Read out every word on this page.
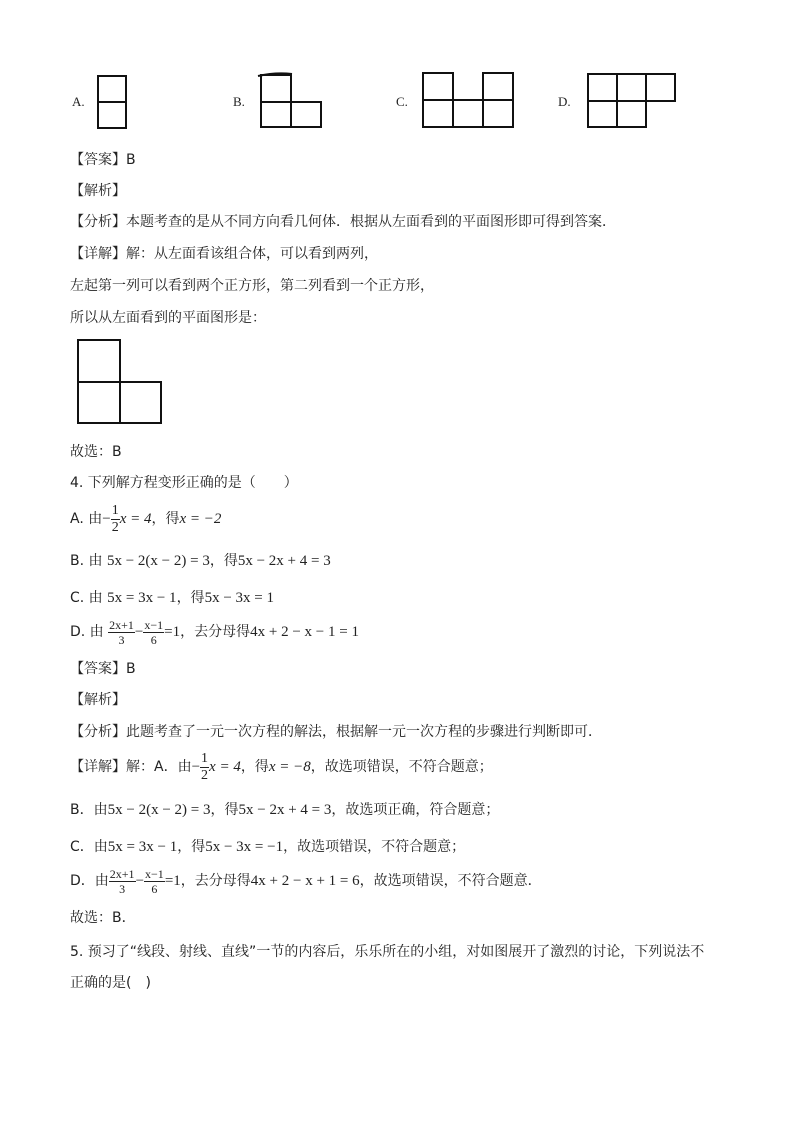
A.	B.	C.	D.
【答案】B
【解析】
【分析】本题考查的是从不同方向看几何体．根据从左面看到的平面图形即可得到答案．
【详解】解：从左面看该组合体，可以看到两列，
左起第一列可以看到两个正方形，第二列看到一个正方形，
所以从左面看到的平面图形是：
故选：B
4. 下列解方程变形正确的是（　　）
A. 由− $\frac{1}{2}$ x = 4，得x = −2
B. 由 5x − 2(x − 2) = 3，得5x − 2x + 4 = 3
C. 由 5x = 3x − 1，得5x − 3x = 1
D. 由 $\frac{2x+1}{3} - \frac{x-1}{6} =1$，去分母得4x + 2 − x − 1 = 1
【答案】B
【解析】
【分析】此题考查了一元一次方程的解法，根据解一元一次方程的步骤进行判断即可．
【详解】解：A．由− $\frac{1}{2}$ x = 4，得x = −8，故选项错误，不符合题意；
B．由5x − 2(x − 2) = 3，得5x − 2x + 4 = 3，故选项正确，符合题意；
C．由5x = 3x − 1，得5x − 3x = −1，故选项错误，不符合题意；
D．由 $\frac{2x+1}{3} - \frac{x-1}{6} =1$，去分母得4x + 2 − x + 1 = 6，故选项错误，不符合题意．
故选：B．
5. 预习了“线段、射线、直线”一节的内容后，乐乐所在的小组，对如图展开了激烈的讨论，下列说法不
正确的是(　)
